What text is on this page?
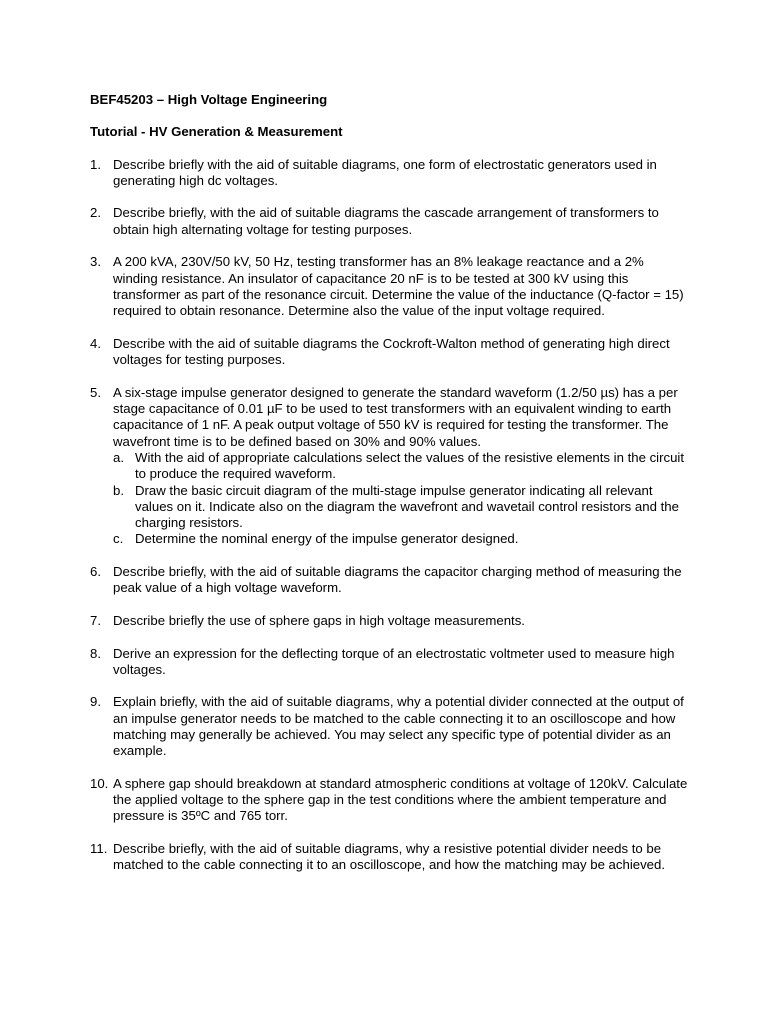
BEF45203 – High Voltage Engineering
Tutorial - HV Generation & Measurement
1. Describe briefly with the aid of suitable diagrams, one form of electrostatic generators used in generating high dc voltages.
2. Describe briefly, with the aid of suitable diagrams the cascade arrangement of transformers to obtain high alternating voltage for testing purposes.
3. A 200 kVA, 230V/50 kV, 50 Hz, testing transformer has an 8% leakage reactance and a 2% winding resistance. An insulator of capacitance 20 nF is to be tested at 300 kV using this transformer as part of the resonance circuit. Determine the value of the inductance (Q-factor = 15) required to obtain resonance. Determine also the value of the input voltage required.
4. Describe with the aid of suitable diagrams the Cockroft-Walton method of generating high direct voltages for testing purposes.
5. A six-stage impulse generator designed to generate the standard waveform (1.2/50 µs) has a per stage capacitance of 0.01 µF to be used to test transformers with an equivalent winding to earth capacitance of 1 nF. A peak output voltage of 550 kV is required for testing the transformer. The wavefront time is to be defined based on 30% and 90% values.
a. With the aid of appropriate calculations select the values of the resistive elements in the circuit to produce the required waveform.
b. Draw the basic circuit diagram of the multi-stage impulse generator indicating all relevant values on it. Indicate also on the diagram the wavefront and wavetail control resistors and the charging resistors.
c. Determine the nominal energy of the impulse generator designed.
6. Describe briefly, with the aid of suitable diagrams the capacitor charging method of measuring the peak value of a high voltage waveform.
7. Describe briefly the use of sphere gaps in high voltage measurements.
8. Derive an expression for the deflecting torque of an electrostatic voltmeter used to measure high voltages.
9. Explain briefly, with the aid of suitable diagrams, why a potential divider connected at the output of an impulse generator needs to be matched to the cable connecting it to an oscilloscope and how matching may generally be achieved. You may select any specific type of potential divider as an example.
10. A sphere gap should breakdown at standard atmospheric conditions at voltage of 120kV. Calculate the applied voltage to the sphere gap in the test conditions where the ambient temperature and pressure is 35ºC and 765 torr.
11. Describe briefly, with the aid of suitable diagrams, why a resistive potential divider needs to be matched to the cable connecting it to an oscilloscope, and how the matching may be achieved.
